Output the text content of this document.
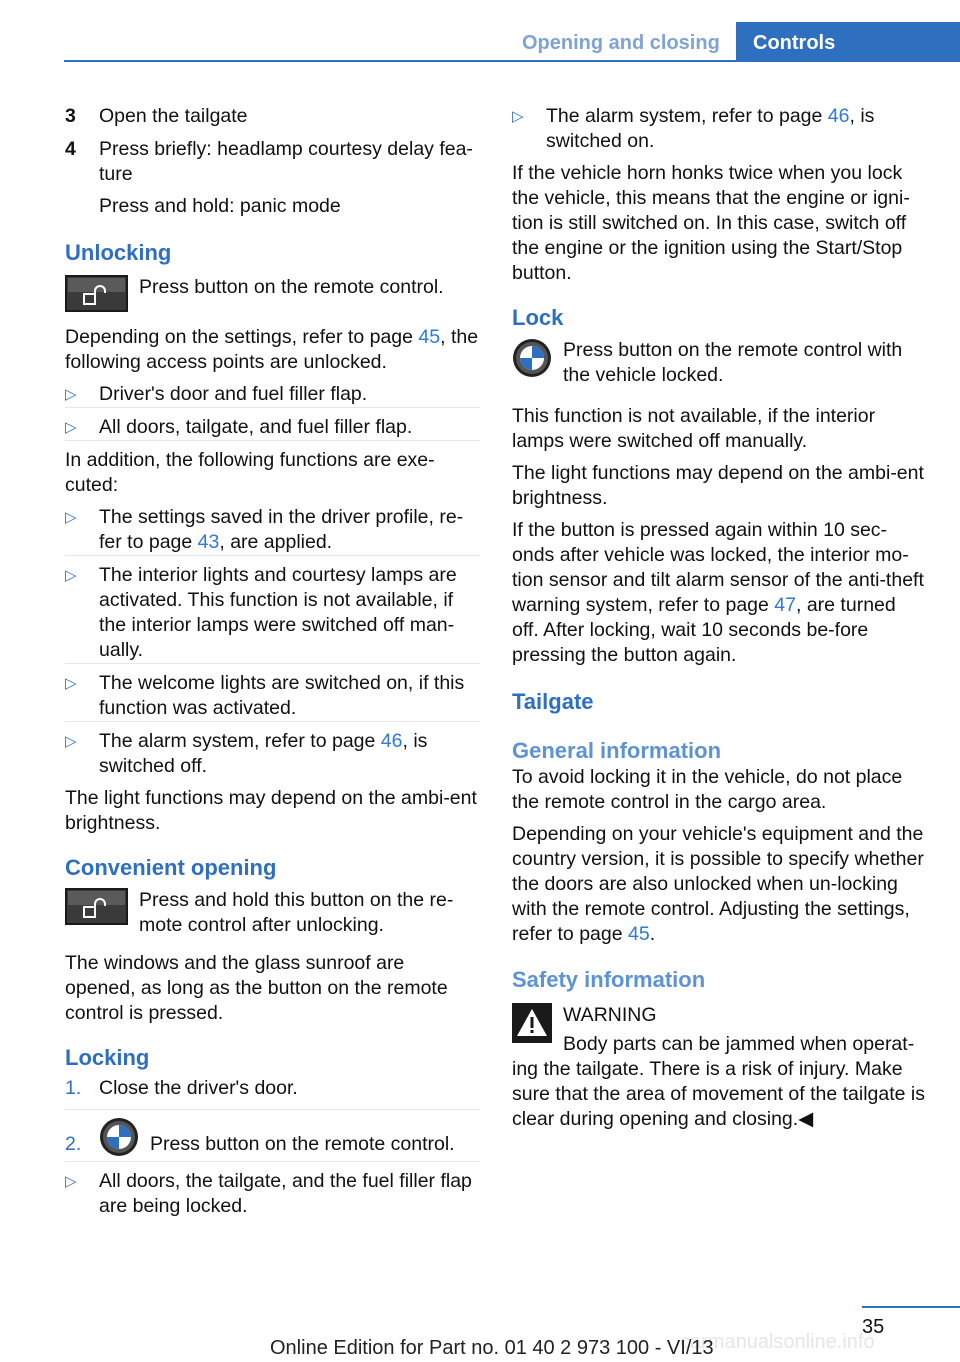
Opening and closing	Controls
3	Open the tailgate
4	Press briefly: headlamp courtesy delay fea‐ture
Press and hold: panic mode
Unlocking
Press button on the remote control.

Depending on the settings, refer to page 45, the following access points are unlocked.

▷	Driver's door and fuel filler flap.
▷	All doors, tailgate, and fuel filler flap.

In addition, the following functions are exe‐cuted:

▷	The settings saved in the driver profile, re‐fer to page 43, are applied.
▷	The interior lights and courtesy lamps are activated. This function is not available, if the interior lamps were switched off man‐ually.
▷	The welcome lights are switched on, if this function was activated.
▷	The alarm system, refer to page 46, is switched off.

The light functions may depend on the ambi‐ent brightness.

Convenient opening
Press and hold this button on the re‐mote control after unlocking.

The windows and the glass sunroof are opened, as long as the button on the remote control is pressed.

Locking
1. Close the driver's door.
2.	Press button on the remote control.
▷	All doors, the tailgate, and the fuel filler flap are being locked.
▷	The alarm system, refer to page 46, is switched on.

If the vehicle horn honks twice when you lock the vehicle, this means that the engine or igni‐tion is still switched on. In this case, switch off the engine or the ignition using the Start/Stop button.

Lock
Press button on the remote control with the vehicle locked.

This function is not available, if the interior lamps were switched off manually.

The light functions may depend on the ambi‐ent brightness.

If the button is pressed again within 10 sec‐onds after vehicle was locked, the interior mo‐tion sensor and tilt alarm sensor of the anti-theft warning system, refer to page 47, are turned off. After locking, wait 10 seconds be‐fore pressing the button again.

Tailgate
General information

To avoid locking it in the vehicle, do not place the remote control in the cargo area.

Depending on your vehicle's equipment and the country version, it is possible to specify whether the doors are also unlocked when un‐locking with the remote control. Adjusting the settings, refer to page 45.

Safety information
WARNING
Body parts can be jammed when operat‐ing the tailgate. There is a risk of injury. Make sure that the area of movement of the tailgate is clear during opening and closing.◀
35
carmanualsonline.info
Online Edition for Part no. 01 40 2 973 100 - VI/13
